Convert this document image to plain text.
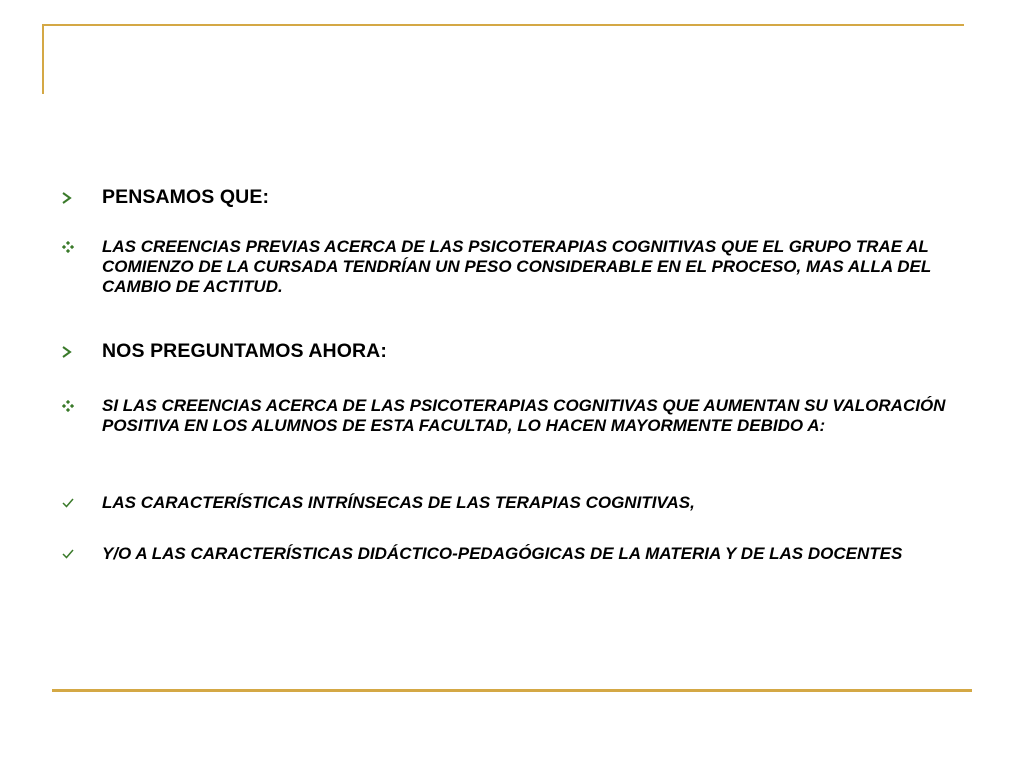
PENSAMOS QUE:
LAS CREENCIAS PREVIAS ACERCA DE LAS PSICOTERAPIAS COGNITIVAS QUE EL GRUPO TRAE AL COMIENZO DE LA CURSADA TENDRÍAN UN PESO CONSIDERABLE EN EL PROCESO, MAS ALLA DEL CAMBIO DE ACTITUD.
NOS PREGUNTAMOS AHORA:
SI LAS CREENCIAS ACERCA DE LAS PSICOTERAPIAS COGNITIVAS QUE AUMENTAN SU VALORACIÓN POSITIVA EN LOS ALUMNOS DE ESTA FACULTAD, LO HACEN MAYORMENTE DEBIDO A:
LAS CARACTERÍSTICAS INTRÍNSECAS DE LAS TERAPIAS COGNITIVAS,
Y/O A LAS CARACTERÍSTICAS DIDÁCTICO-PEDAGÓGICAS DE LA MATERIA Y DE LAS DOCENTES
